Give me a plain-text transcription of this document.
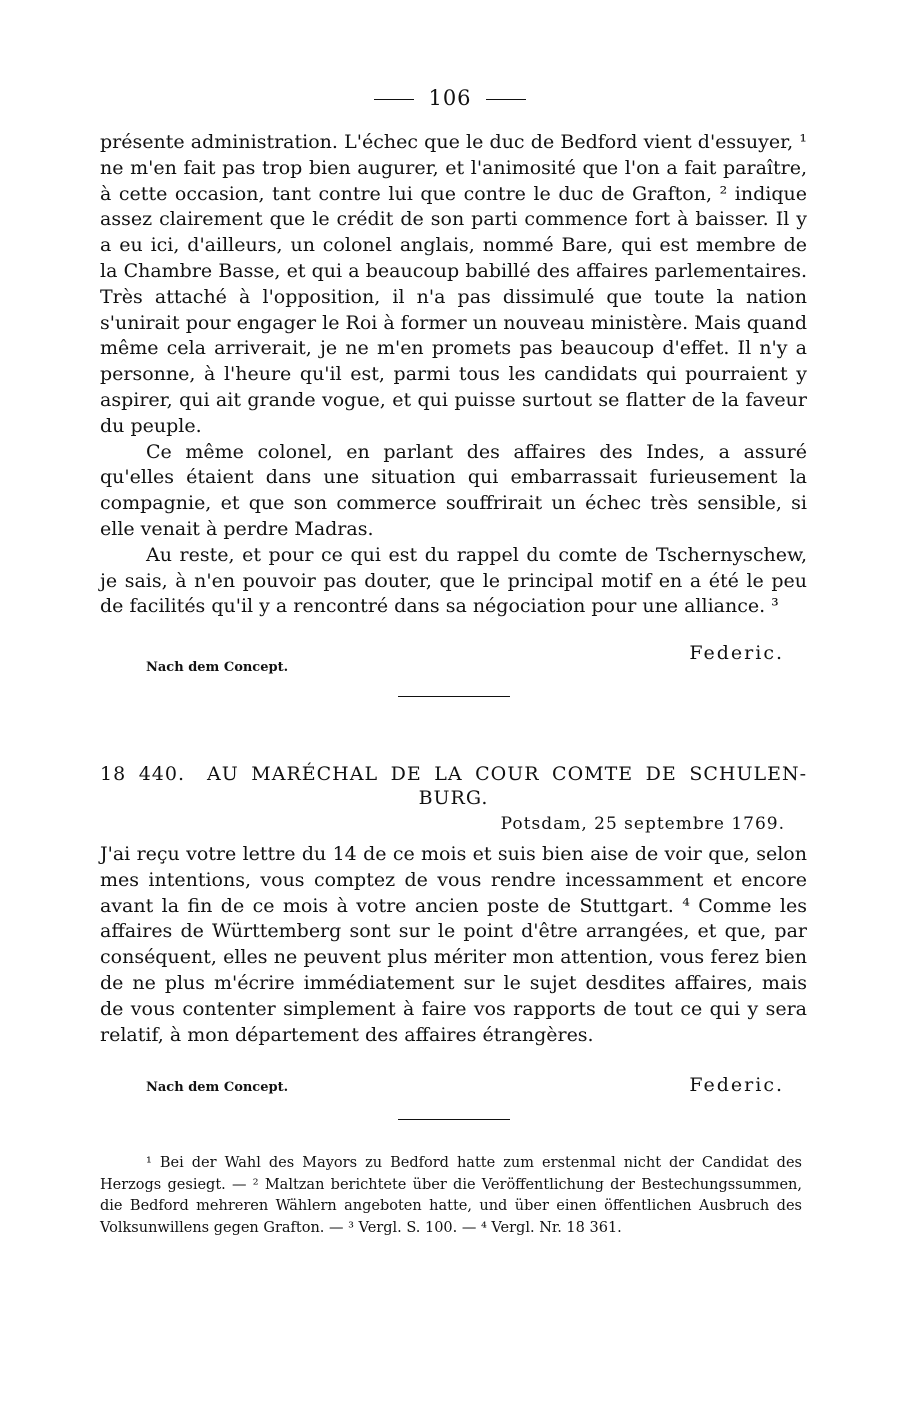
106

présente administration. L'échec que le duc de Bedford vient d'essuyer, ¹ ne m'en fait pas trop bien augurer, et l'animosité que l'on a fait paraître, à cette occasion, tant contre lui que contre le duc de Grafton, ² indique assez clairement que le crédit de son parti commence fort à baisser. Il y a eu ici, d'ailleurs, un colonel anglais, nommé Bare, qui est membre de la Chambre Basse, et qui a beaucoup babillé des affaires parlementaires. Très attaché à l'opposition, il n'a pas dissimulé que toute la nation s'unirait pour engager le Roi à former un nouveau ministère. Mais quand même cela arriverait, je ne m'en promets pas beaucoup d'effet. Il n'y a personne, à l'heure qu'il est, parmi tous les candidats qui pourraient y aspirer, qui ait grande vogue, et qui puisse surtout se flatter de la faveur du peuple.

Ce même colonel, en parlant des affaires des Indes, a assuré qu'elles étaient dans une situation qui embarrassait furieusement la compagnie, et que son commerce souffrirait un échec très sensible, si elle venait à perdre Madras.

Au reste, et pour ce qui est du rappel du comte de Tschernyschew, je sais, à n'en pouvoir pas douter, que le principal motif en a été le peu de facilités qu'il y a rencontré dans sa négociation pour une alliance. ³

Nach dem Concept.
Federic.
18 440. AU MARÉCHAL DE LA COUR COMTE DE SCHULEN- BURG.
Potsdam, 25 septembre 1769.

J'ai reçu votre lettre du 14 de ce mois et suis bien aise de voir que, selon mes intentions, vous comptez de vous rendre incessamment et encore avant la fin de ce mois à votre ancien poste de Stuttgart. ⁴ Comme les affaires de Württemberg sont sur le point d'être arrangées, et que, par conséquent, elles ne peuvent plus mériter mon attention, vous ferez bien de ne plus m'écrire immédiatement sur le sujet desdites affaires, mais de vous contenter simplement à faire vos rapports de tout ce qui y sera relatif, à mon département des affaires étrangères.

Nach dem Concept.	Federic.

¹ Bei der Wahl des Mayors zu Bedford hatte zum erstenmal nicht der Candidat des Herzogs gesiegt. — ² Maltzan berichtete über die Veröffentlichung der Bestechungssummen, die Bedford mehreren Wählern angeboten hatte, und über einen öffentlichen Ausbruch des Volksunwillens gegen Grafton. — ³ Vergl. S. 100. — ⁴ Vergl. Nr. 18 361.
